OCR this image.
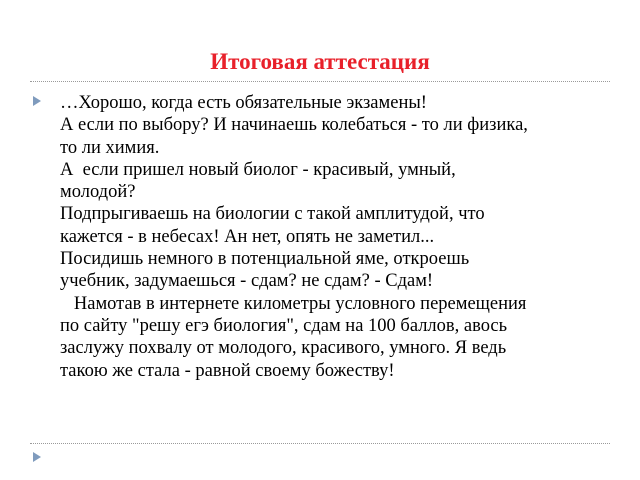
Итоговая аттестация

…Хорошо, когда есть обязательные экзамены!
А если по выбору? И начинаешь колебаться - то ли физика,
то ли химия.
А  если пришел новый биолог - красивый, умный,
молодой?
Подпрыгиваешь на биологии с такой амплитудой, что
кажется - в небесах! Ан нет, опять не заметил...
Посидишь немного в потенциальной яме, откроешь
учебник, задумаешься - сдам? не сдам? - Сдам!
Намотав в интернете километры условного перемещения
по сайту "решу егэ биология", сдам на 100 баллов, авось
заслужу похвалу от молодого, красивого, умного. Я ведь
такою же стала - равной своему божеству!
